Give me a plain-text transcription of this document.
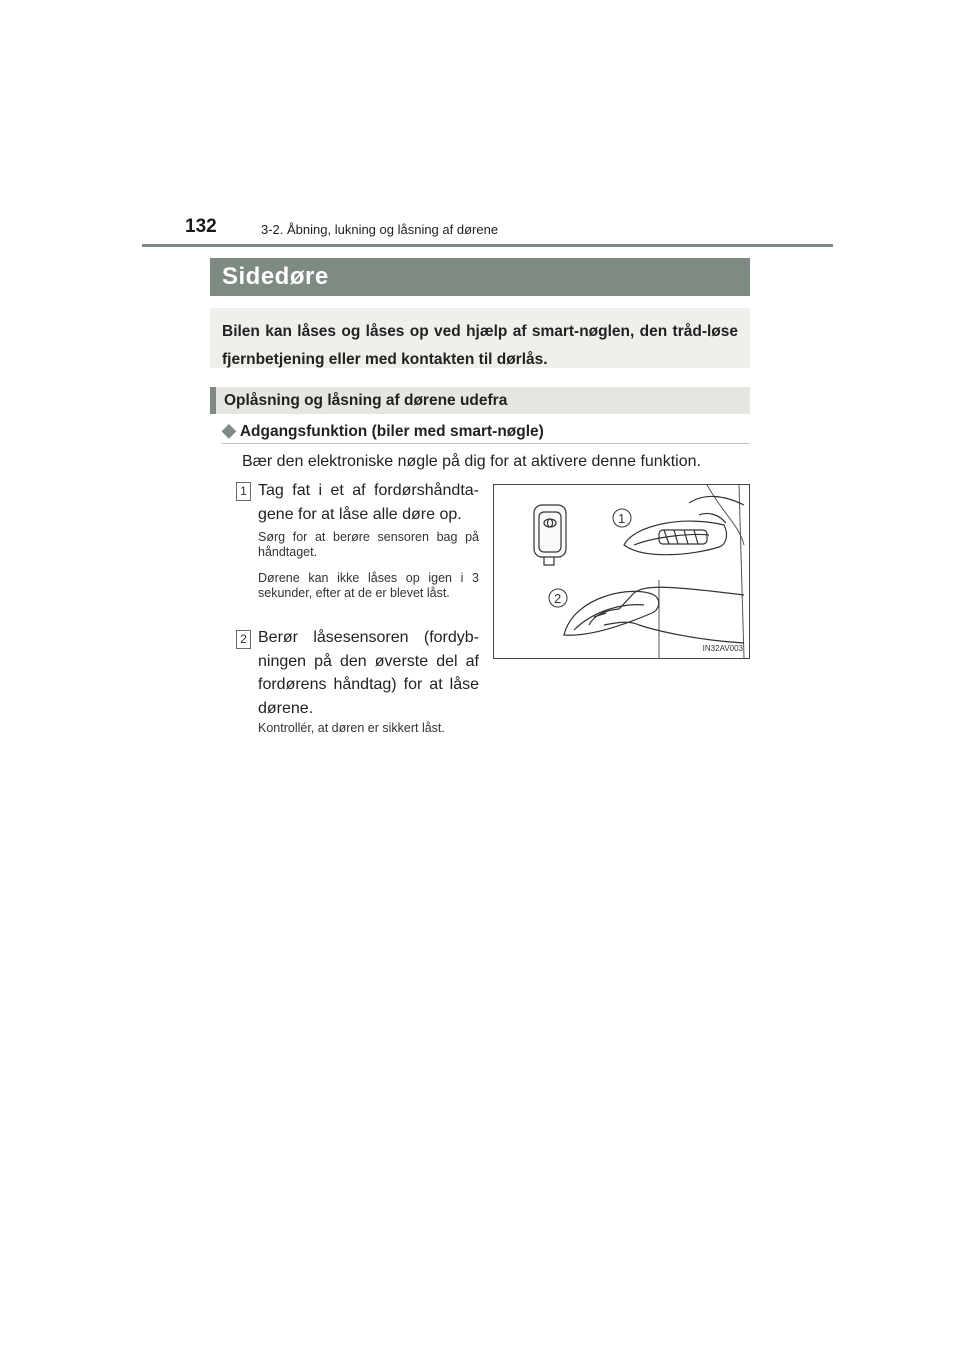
132	3-2. Åbning, lukning og låsning af dørene
Sidedøre
Bilen kan låses og låses op ved hjælp af smart-nøglen, den tråd-løse fjernbetjening eller med kontakten til dørlås.
Oplåsning og låsning af dørene udefra
◆ Adgangsfunktion (biler med smart-nøgle)
Bær den elektroniske nøgle på dig for at aktivere denne funktion.
1 Tag fat i et af fordørshåndta-gene for at låse alle døre op.
Sørg for at berøre sensoren bag på håndtaget.
Dørene kan ikke låses op igen i 3 sekunder, efter at de er blevet låst.
2 Berør låsesensoren (fordyb-ningen på den øverste del af fordørens håndtag) for at låse dørene.
Kontrollér, at døren er sikkert låst.
1
2
IN32AV003
